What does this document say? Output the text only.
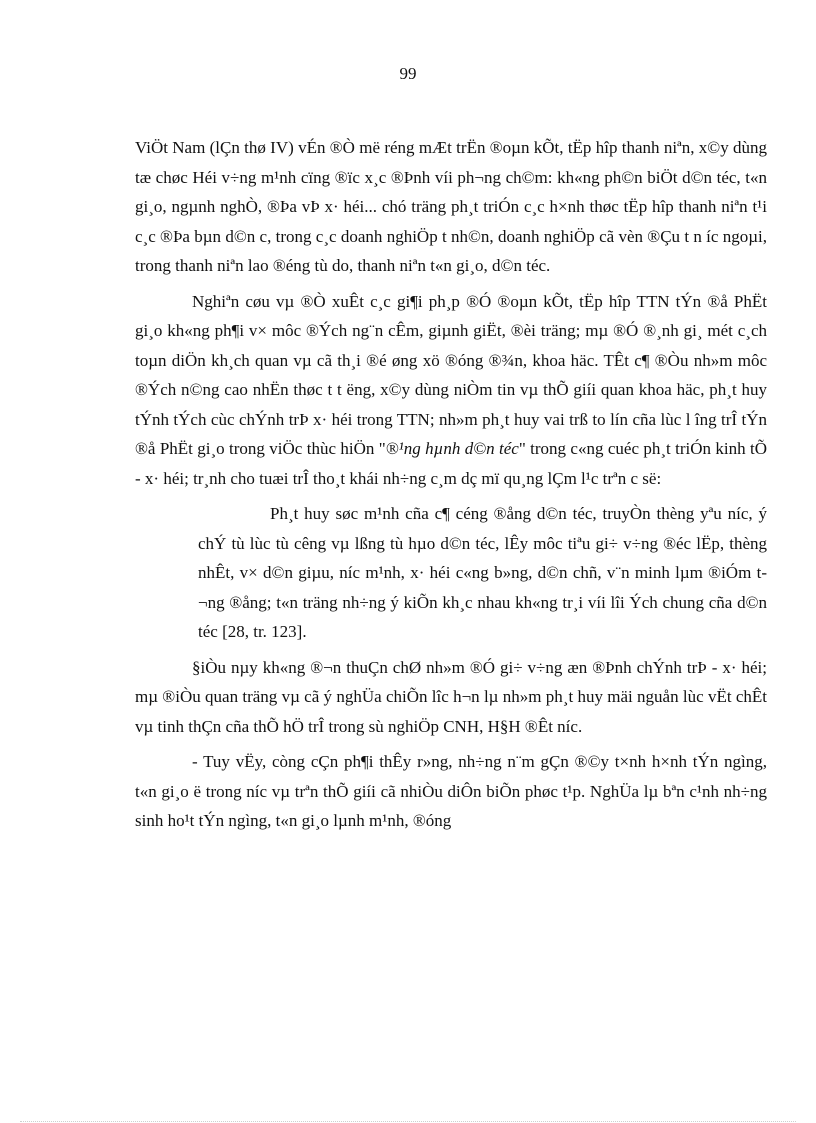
99

ViÖt Nam (lÇn thø IV) vÉn ®Ò më réng mÆt trËn ®oµn kÕt, tËp hîp thanh niªn, x©y dùng tæ chøc Héi v÷ng m¹nh cïng ®ïc x¸c ®Þnh víi ph¬ng ch©m: kh«ng ph©n biÖt d©n téc, t«n gi¸o, ngµnh nghÒ, ®Þa vÞ x· héi... chó träng ph¸t triÓn c¸c h×nh thøc tËp hîp thanh niªn t¹i c¸c ®Þa bµn d©n c, trong c¸c doanh nghiÖp t nh©n, doanh nghiÖp cã vèn ®Çu t n íc ngoµi, trong thanh niªn lao ®éng tù do, thanh niªn t«n gi¸o, d©n téc.

Nghiªn cøu vµ ®Ò xuÊt c¸c gi¶i ph¸p ®Ó ®oµn kÕt, tËp hîp TTN tÝn ®å PhËt gi¸o kh«ng ph¶i v× môc ®Ých ng¨n cÊm, giµnh giËt, ®èi träng; mµ ®Ó ®¸nh gi¸ mét c¸ch toµn diÖn kh¸ch quan vµ cã th¸i ®é øng xö ®óng ®¾n, khoa häc. TÊt c¶ ®Òu nh»m môc ®Ých n©ng cao nhËn thøc t t ëng, x©y dùng niÒm tin vµ thÕ giíi quan khoa häc, ph¸t huy tÝnh tÝch cùc chÝnh trÞ x· héi trong TTN; nh»m ph¸t huy vai trß to lín cña lùc l îng trÎ tÝn ®å PhËt gi¸o trong viÖc thùc hiÖn "®¹ng hµnh d©n téc" trong c«ng cuéc ph¸t triÓn kinh tÕ - x· héi; tr¸nh cho tuæi trÎ tho¸t khái nh÷ng c¸m dç mï qu¸ng lÇm l¹c trªn c së:

Ph¸t huy søc m¹nh cña c¶ céng ®ång d©n téc, truyÒn thèng yªu níc, ý chÝ tù lùc tù cêng vµ lßng tù hµo d©n téc, lÊy môc tiªu gi÷ v÷ng ®éc lËp, thèng nhÊt, v× d©n giµu, níc m¹nh, x· héi c«ng b»ng, d©n chñ, v¨n minh lµm ®iÓm t¬ng ®ång; t«n träng nh÷ng ý kiÕn kh¸c nhau kh«ng tr¸i víi lîi Ých chung cña d©n téc [28, tr. 123].

§iÒu nµy kh«ng ®¬n thuÇn chØ nh»m ®Ó gi÷ v÷ng æn ®Þnh chÝnh trÞ - x· héi; mµ ®iÒu quan träng vµ cã ý nghÜa chiÕn lîc h¬n lµ nh»m ph¸t huy mäi nguån lùc vËt chÊt vµ tinh thÇn cña thÕ hÖ trÎ trong sù nghiÖp CNH, H§H ®Êt níc.

- Tuy vËy, còng cÇn ph¶i thÊy r»ng, nh÷ng n¨m gÇn ®©y t×nh h×nh tÝn ngìng, t«n gi¸o ë trong níc vµ trªn thÕ giíi cã nhiÒu diÔn biÕn phøc t¹p. NghÜa lµ bªn c¹nh nh÷ng sinh ho¹t tÝn ngìng, t«n gi¸o lµnh m¹nh, ®óng
